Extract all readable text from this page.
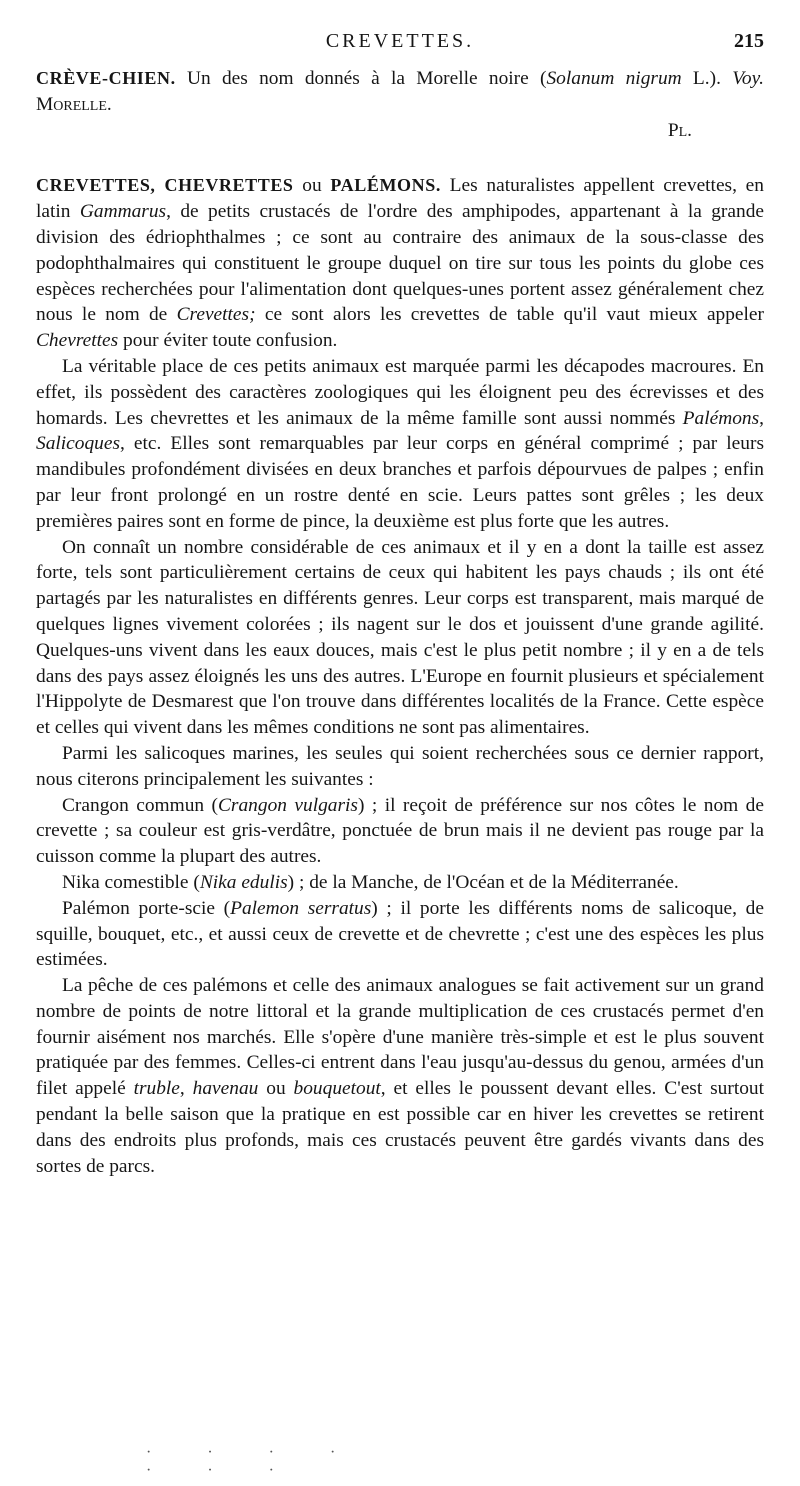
CREVETTES.	215

CRÈVE-CHIEN. Un des nom donnés à la Morelle noire (Solanum nigrum L.). Voy. Morelle.

Pl.

CREVETTES, CHEVRETTES ou PALÉMONS. Les naturalistes appellent crevettes, en latin Gammarus, de petits crustacés de l'ordre des amphipodes, appartenant à la grande division des édriophthalmes ; ce sont au contraire des animaux de la sous-classe des podophthalmaires qui constituent le groupe duquel on tire sur tous les points du globe ces espèces recherchées pour l'alimentation dont quelques-unes portent assez généralement chez nous le nom de Crevettes; ce sont alors les crevettes de table qu'il vaut mieux appeler Chevrettes pour éviter toute confusion.

La véritable place de ces petits animaux est marquée parmi les décapodes macroures. En effet, ils possèdent des caractères zoologiques qui les éloignent peu des écrevisses et des homards. Les chevrettes et les animaux de la même famille sont aussi nommés Palémons, Salicoques, etc. Elles sont remarquables par leur corps en général comprimé ; par leurs mandibules profondément divisées en deux branches et parfois dépourvues de palpes ; enfin par leur front prolongé en un rostre denté en scie. Leurs pattes sont grêles ; les deux premières paires sont en forme de pince, la deuxième est plus forte que les autres.

On connaît un nombre considérable de ces animaux et il y en a dont la taille est assez forte, tels sont particulièrement certains de ceux qui habitent les pays chauds ; ils ont été partagés par les naturalistes en différents genres. Leur corps est transparent, mais marqué de quelques lignes vivement colorées ; ils nagent sur le dos et jouissent d'une grande agilité. Quelques-uns vivent dans les eaux douces, mais c'est le plus petit nombre ; il y en a de tels dans des pays assez éloignés les uns des autres. L'Europe en fournit plusieurs et spécialement l'Hippolyte de Desmarest que l'on trouve dans différentes localités de la France. Cette espèce et celles qui vivent dans les mêmes conditions ne sont pas alimentaires.

Parmi les salicoques marines, les seules qui soient recherchées sous ce dernier rapport, nous citerons principalement les suivantes :

Crangon commun (Crangon vulgaris) ; il reçoit de préférence sur nos côtes le nom de crevette ; sa couleur est gris-verdâtre, ponctuée de brun mais il ne devient pas rouge par la cuisson comme la plupart des autres.

Nika comestible (Nika edulis) ; de la Manche, de l'Océan et de la Méditerranée.

Palémon porte-scie (Palemon serratus) ; il porte les différents noms de salicoque, de squille, bouquet, etc., et aussi ceux de crevette et de chevrette ; c'est une des espèces les plus estimées.

La pêche de ces palémons et celle des animaux analogues se fait activement sur un grand nombre de points de notre littoral et la grande multiplication de ces crustacés permet d'en fournir aisément nos marchés. Elle s'opère d'une manière très-simple et est le plus souvent pratiquée par des femmes. Celles-ci entrent dans l'eau jusqu'au-dessus du genou, armées d'un filet appelé truble, havenau ou bouquetout, et elles le poussent devant elles. C'est surtout pendant la belle saison que la pratique en est possible car en hiver les crevettes se retirent dans des endroits plus profonds, mais ces crustacés peuvent être gardés vivants dans des sortes de parcs.

· · · · · · ·
